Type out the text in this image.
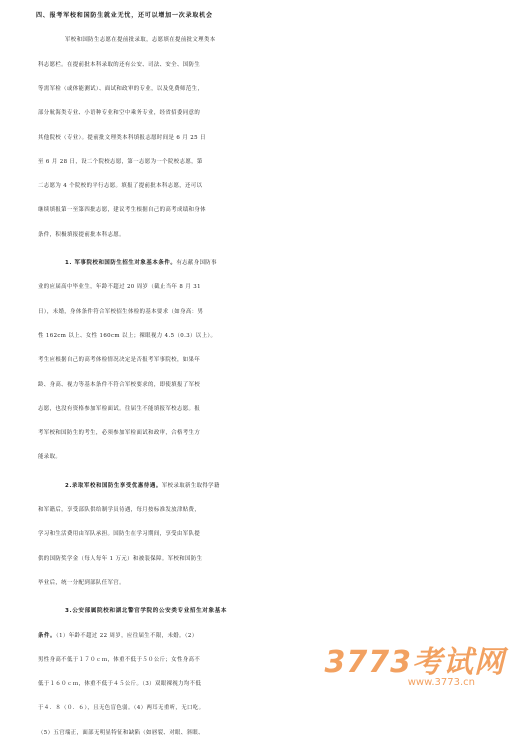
四、报考军校和国防生就业无忧，还可以增加一次录取机会
军校和国防生志愿在提前批录取，志愿填在提前批文理类本
科志愿栏。在提前批本科录取的还有公安、司法、安全、国防生
等需军检（或体能测试）、面试和政审的专业，以及免费师范生，
部分航海类专业、小语种专业和空中乘务专业，经省招委同意的
其他院校（专业）。提前批文理类本科填报志愿时间是 6 月 25 日
至 6 月 28 日，设二个院校志愿，第一志愿为一个院校志愿，第
二志愿为 4 个院校的平行志愿。填报了提前批本科志愿，还可以
继续填报第一至第四批志愿，建议考生根据自己的高考成绩和身体
条件，积极填报提前批本科志愿。
1. 军事院校和国防生招生对象基本条件。有志献身国防事
业的应届高中毕业生，年龄不超过 20 周岁（截止当年 8 月 31
日），未婚，身体条件符合军校招生体检的基本要求（如身高：男
性 162cm 以上、女性 160cm 以上；裸眼视力 4.5（0.3）以上）。
考生应根据自己的高考体检情况决定是否报考军事院校，如果年
龄、身高、视力等基本条件不符合军校要求的，即使填报了军校
志愿，也没有资格参加军检面试。往届生不能填报军校志愿。报
考军校和国防生的考生，必须参加军检面试和政审，合格考生方
能录取。
2.录取军校和国防生享受优惠待遇。军校录取新生取得学籍
和军籍后，享受部队供给制学员待遇，每月按标准发放津贴费，
学习和生活费用由军队承担。国防生在学习期间，享受由军队提
供的国防奖学金（每人每年 1 万元）和被装保障。军校和国防生
毕业后，统一分配到部队任军官。
3.公安部属院校和湖北警官学院的公安类专业招生对象基本
条件。（1）年龄不超过 22 周岁，应往届生不限，未婚。（2）
男性身高不低于１７０ｃｍ，体重不低于５０公斤；女性身高不
低于１６０ｃｍ，体重不低于４５公斤。（3）双眼裸视力均不低
于４．８（０．６），且无色盲色弱。（4）两耳无重听，无口吃。
（5）五官端正，面部无明显特征和缺陷（如唇裂、对眼、斜眼、
3773考试网
www.3773.cn
